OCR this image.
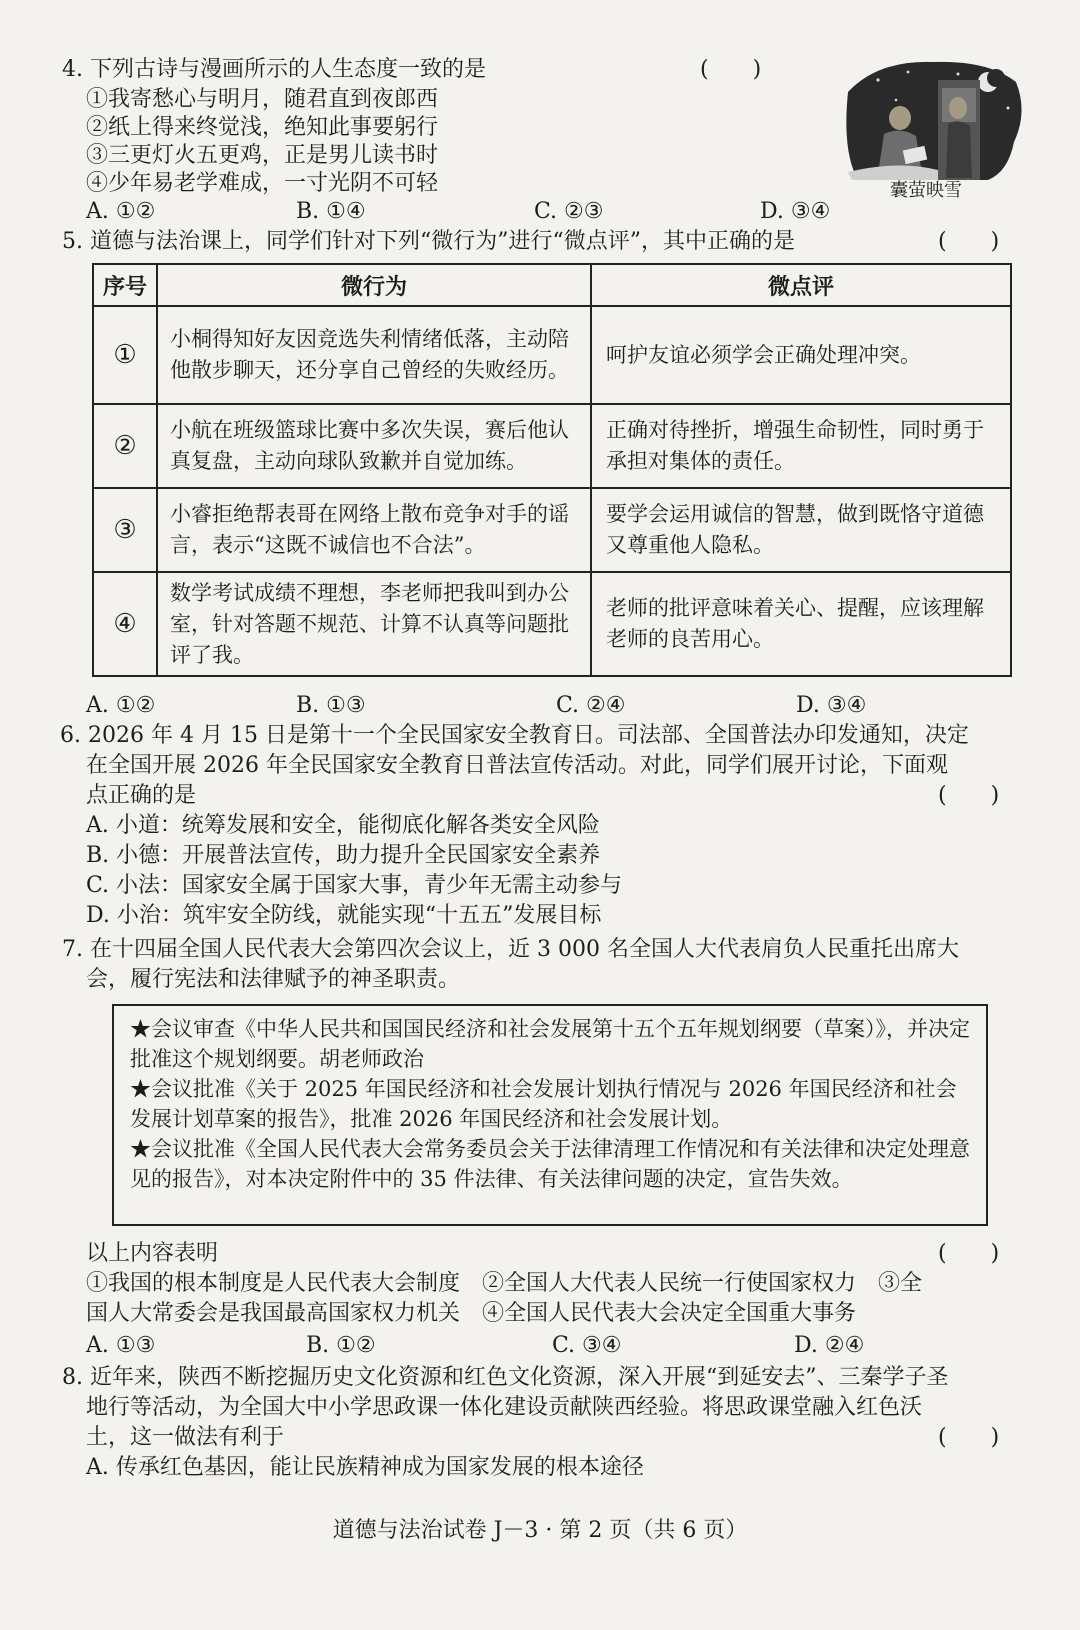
4. 下列古诗与漫画所示的人生态度一致的是	(　　)
①我寄愁心与明月，随君直到夜郎西
②纸上得来终觉浅，绝知此事要躬行
③三更灯火五更鸡，正是男儿读书时
④少年易老学难成，一寸光阴不可轻
A. ①②	B. ①④	C. ②③	D. ③④
囊萤映雪
5. 道德与法治课上，同学们针对下列“微行为”进行“微点评”，其中正确的是	(　　)
序号	微行为	微点评
①	小桐得知好友因竞选失利情绪低落，主动陪他散步聊天，还分享自己曾经的失败经历。	呵护友谊必须学会正确处理冲突。
②	小航在班级篮球比赛中多次失误，赛后他认真复盘，主动向球队致歉并自觉加练。	正确对待挫折，增强生命韧性，同时勇于承担对集体的责任。
③	小睿拒绝帮表哥在网络上散布竞争对手的谣言，表示“这既不诚信也不合法”。	要学会运用诚信的智慧，做到既恪守道德又尊重他人隐私。
④	数学考试成绩不理想，李老师把我叫到办公室，针对答题不规范、计算不认真等问题批评了我。	老师的批评意味着关心、提醒，应该理解老师的良苦用心。
A. ①②	B. ①③	C. ②④	D. ③④
6. 2026 年 4 月 15 日是第十一个全民国家安全教育日。司法部、全国普法办印发通知，决定
在全国开展 2026 年全民国家安全教育日普法宣传活动。对此，同学们展开讨论，下面观
点正确的是	(　　)
A. 小道：统筹发展和安全，能彻底化解各类安全风险
B. 小德：开展普法宣传，助力提升全民国家安全素养
C. 小法：国家安全属于国家大事，青少年无需主动参与
D. 小治：筑牢安全防线，就能实现“十五五”发展目标
7. 在十四届全国人民代表大会第四次会议上，近 3 000 名全国人大代表肩负人民重托出席大
会，履行宪法和法律赋予的神圣职责。

★会议审查《中华人民共和国国民经济和社会发展第十五个五年规划纲要（草案）》，并决定批准这个规划纲要。胡老师政治

★会议批准《关于 2025 年国民经济和社会发展计划执行情况与 2026 年国民经济和社会发展计划草案的报告》，批准 2026 年国民经济和社会发展计划。

★会议批准《全国人民代表大会常务委员会关于法律清理工作情况和有关法律和决定处理意见的报告》，对本决定附件中的 35 件法律、有关法律问题的决定，宣告失效。

以上内容表明	(　　)
①我国的根本制度是人民代表大会制度　②全国人大代表人民统一行使国家权力　③全
国人大常委会是我国最高国家权力机关　④全国人民代表大会决定全国重大事务
A. ①③	B. ①②	C. ③④	D. ②④
8. 近年来，陕西不断挖掘历史文化资源和红色文化资源，深入开展“到延安去”、三秦学子圣
地行等活动，为全国大中小学思政课一体化建设贡献陕西经验。将思政课堂融入红色沃
土，这一做法有利于	(　　)
A. 传承红色基因，能让民族精神成为国家发展的根本途径
道德与法治试卷 J－3 · 第 2 页（共 6 页）
